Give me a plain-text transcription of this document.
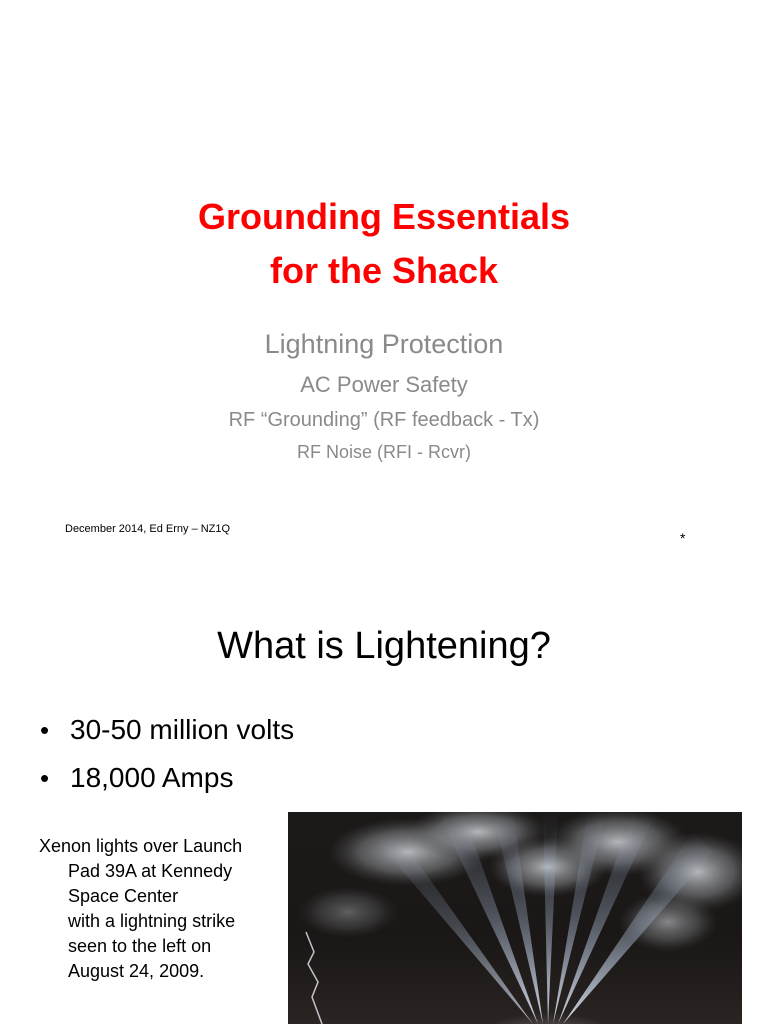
Grounding Essentials
for the Shack
Lightning Protection
AC Power Safety
RF “Grounding” (RF feedback - Tx)
RF Noise (RFI - Rcvr)
December 2014, Ed Erny – NZ1Q
*
What is Lightening?
• 30-50 million volts
• 18,000 Amps
Xenon lights over Launch
Pad 39A at Kennedy
Space Center
with a lightning strike
seen to the left on
August 24, 2009.
